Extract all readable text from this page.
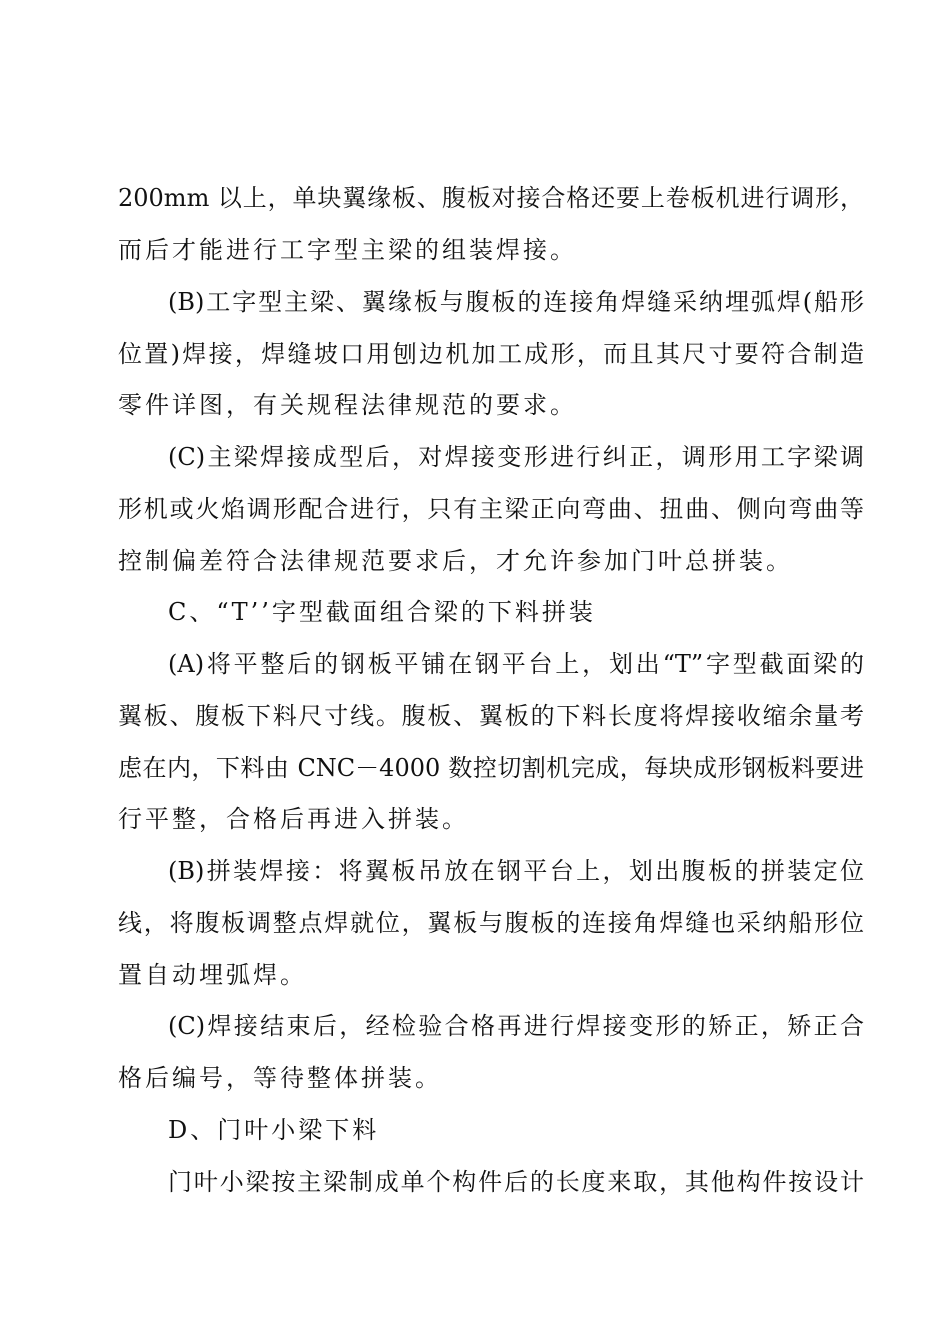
200mm 以上，单块翼缘板、腹板对接合格还要上卷板机进行调形，
而后才能进行工字型主梁的组装焊接。
(B)工字型主梁、翼缘板与腹板的连接角焊缝采纳埋弧焊(船形
位置)焊接，焊缝坡口用刨边机加工成形，而且其尺寸要符合制造
零件详图，有关规程法律规范的要求。
(C)主梁焊接成型后，对焊接变形进行纠正，调形用工字梁调
形机或火焰调形配合进行，只有主梁正向弯曲、扭曲、侧向弯曲等
控制偏差符合法律规范要求后，才允许参加门叶总拼装。
C、“T’’字型截面组合梁的下料拼装
(A)将平整后的钢板平铺在钢平台上，划出“T”字型截面梁的
翼板、腹板下料尺寸线。腹板、翼板的下料长度将焊接收缩余量考
虑在内，下料由 CNC－4000 数控切割机完成，每块成形钢板料要进
行平整，合格后再进入拼装。
(B)拼装焊接：将翼板吊放在钢平台上，划出腹板的拼装定位
线，将腹板调整点焊就位，翼板与腹板的连接角焊缝也采纳船形位
置自动埋弧焊。
(C)焊接结束后，经检验合格再进行焊接变形的矫正，矫正合
格后编号，等待整体拼装。
D、门叶小梁下料
门叶小梁按主梁制成单个构件后的长度来取，其他构件按设计
